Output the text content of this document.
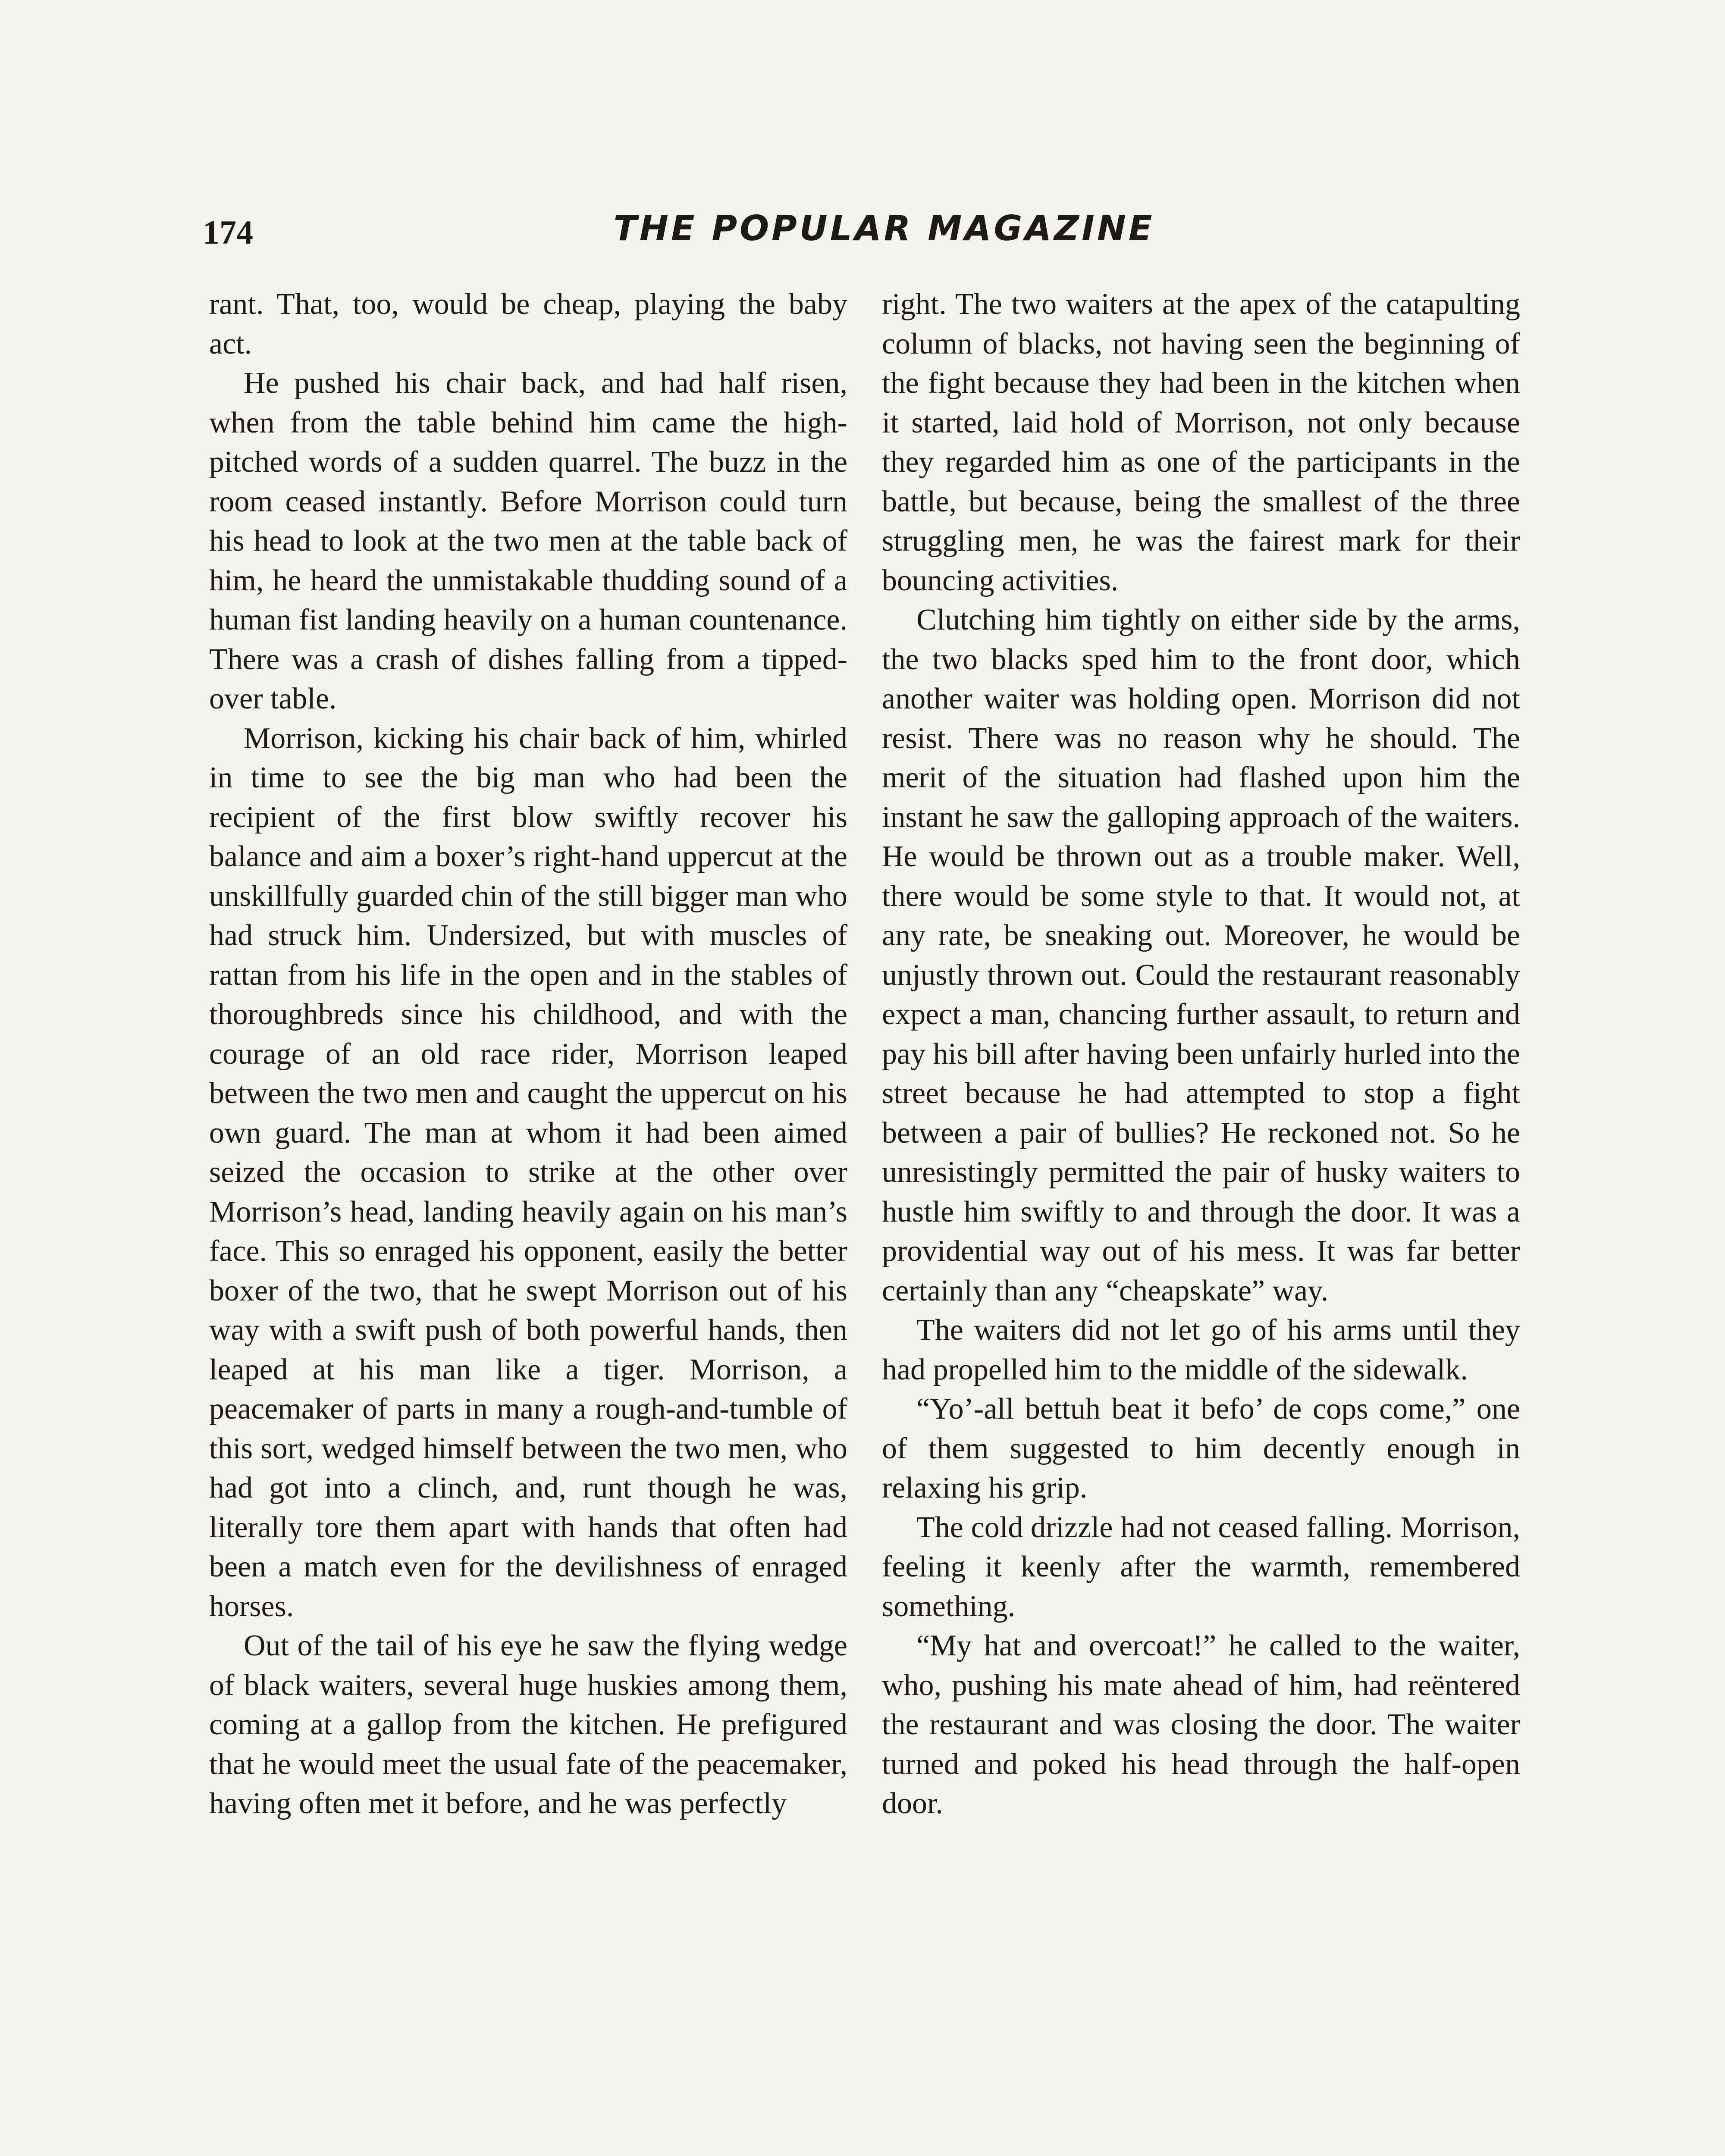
174	THE POPULAR MAGAZINE

rant. That, too, would be cheap, playing the baby act.

He pushed his chair back, and had half risen, when from the table behind him came the high-pitched words of a sudden quarrel. The buzz in the room ceased instantly. Before Morrison could turn his head to look at the two men at the table back of him, he heard the unmistakable thudding sound of a human fist landing heavily on a human countenance. There was a crash of dishes falling from a tipped-over table.

Morrison, kicking his chair back of him, whirled in time to see the big man who had been the recipient of the first blow swiftly recover his balance and aim a boxer’s right-hand uppercut at the unskillfully guarded chin of the still bigger man who had struck him. Undersized, but with muscles of rattan from his life in the open and in the stables of thoroughbreds since his childhood, and with the courage of an old race rider, Morrison leaped between the two men and caught the uppercut on his own guard. The man at whom it had been aimed seized the occasion to strike at the other over Morrison’s head, landing heavily again on his man’s face. This so enraged his opponent, easily the better boxer of the two, that he swept Morrison out of his way with a swift push of both powerful hands, then leaped at his man like a tiger. Morrison, a peacemaker of parts in many a rough-and-tumble of this sort, wedged himself between the two men, who had got into a clinch, and, runt though he was, literally tore them apart with hands that often had been a match even for the devilishness of enraged horses.

Out of the tail of his eye he saw the flying wedge of black waiters, several huge huskies among them, coming at a gallop from the kitchen. He prefigured that he would meet the usual fate of the peacemaker, having often met it before, and he was perfectly

right. The two waiters at the apex of the catapulting column of blacks, not having seen the beginning of the fight because they had been in the kitchen when it started, laid hold of Morrison, not only because they regarded him as one of the participants in the battle, but because, being the smallest of the three struggling men, he was the fairest mark for their bouncing activities.

Clutching him tightly on either side by the arms, the two blacks sped him to the front door, which another waiter was holding open. Morrison did not resist. There was no reason why he should. The merit of the situation had flashed upon him the instant he saw the galloping approach of the waiters. He would be thrown out as a trouble maker. Well, there would be some style to that. It would not, at any rate, be sneaking out. Moreover, he would be unjustly thrown out. Could the restaurant reasonably expect a man, chancing further assault, to return and pay his bill after having been unfairly hurled into the street because he had attempted to stop a fight between a pair of bullies? He reckoned not. So he unresistingly permitted the pair of husky waiters to hustle him swiftly to and through the door. It was a providential way out of his mess. It was far better certainly than any “cheapskate” way.

The waiters did not let go of his arms until they had propelled him to the middle of the sidewalk.

“Yo’-all bettuh beat it befo’ de cops come,” one of them suggested to him decently enough in relaxing his grip.

The cold drizzle had not ceased falling. Morrison, feeling it keenly after the warmth, remembered something.

“My hat and overcoat!” he called to the waiter, who, pushing his mate ahead of him, had reëntered the restaurant and was closing the door. The waiter turned and poked his head through the half-open door.
